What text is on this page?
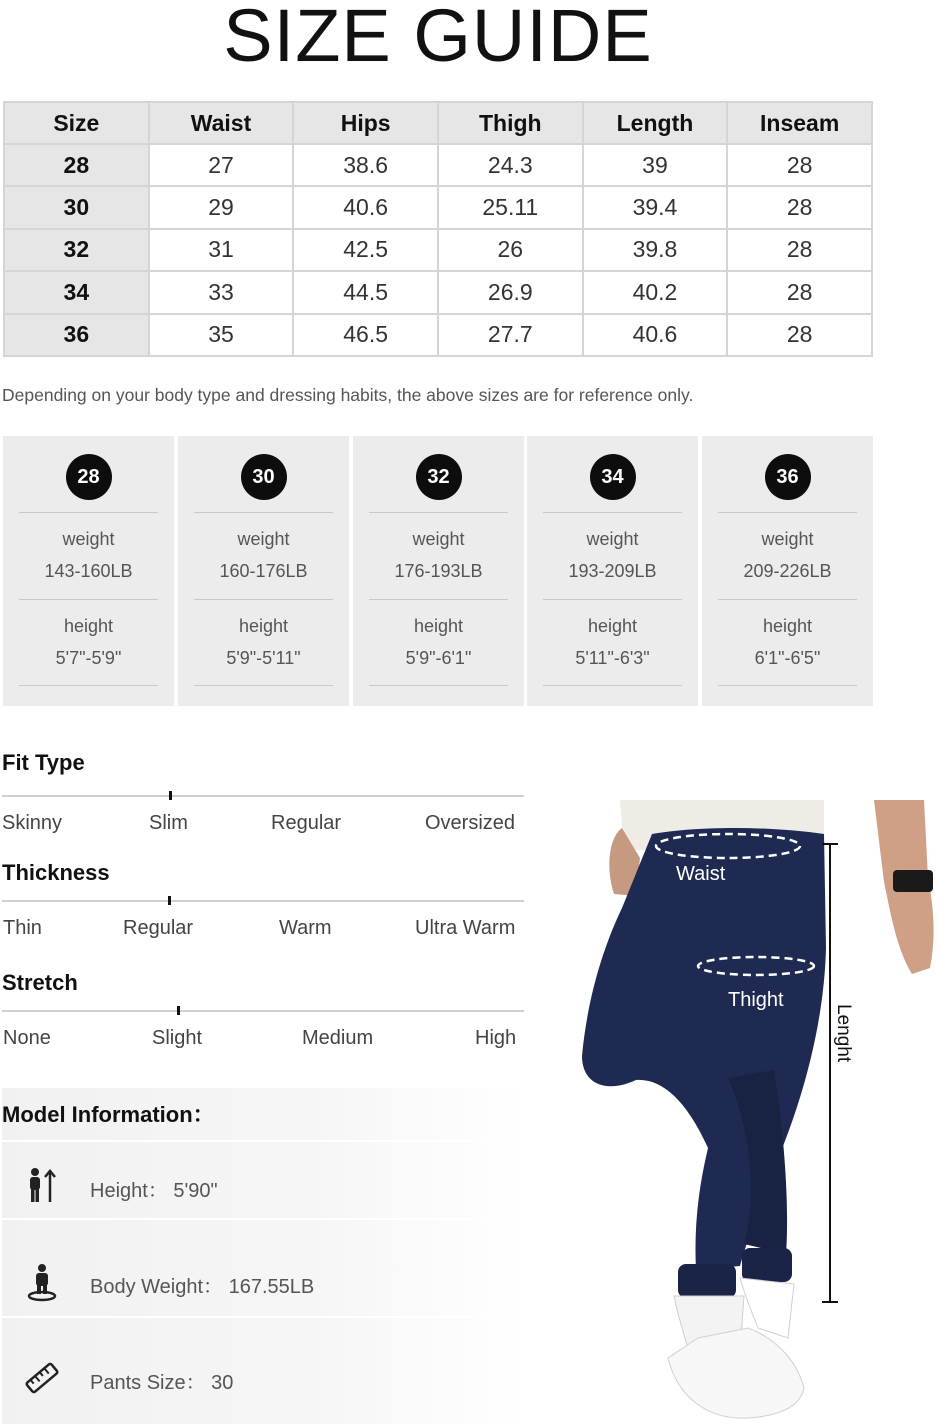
SIZE GUIDE
Size	Waist	Hips	Thigh	Length	Inseam
28	27	38.6	24.3	39	28
30	29	40.6	25.11	39.4	28
32	31	42.5	26	39.8	28
34	33	44.5	26.9	40.2	28
36	35	46.5	27.7	40.6	28
Depending on your body type and dressing habits, the above sizes are for reference only.
28
weight
143-160LB
height
5'7"-5'9"
30
weight
160-176LB
height
5'9"-5'11"
32
weight
176-193LB
height
5'9"-6'1"
34
weight
193-209LB
height
5'11"-6'3"
36
weight
209-226LB
height
6'1"-6'5"
Fit Type
Skinny	Slim	Regular	Oversized
Thickness
Thin	Regular	Warm	Ultra Warm
Stretch
None	Slight	Medium	High
Model Information：
Height： 5'90"
Body Weight： 167.55LB
Pants Size： 30
Waist
Thight
Lenght
